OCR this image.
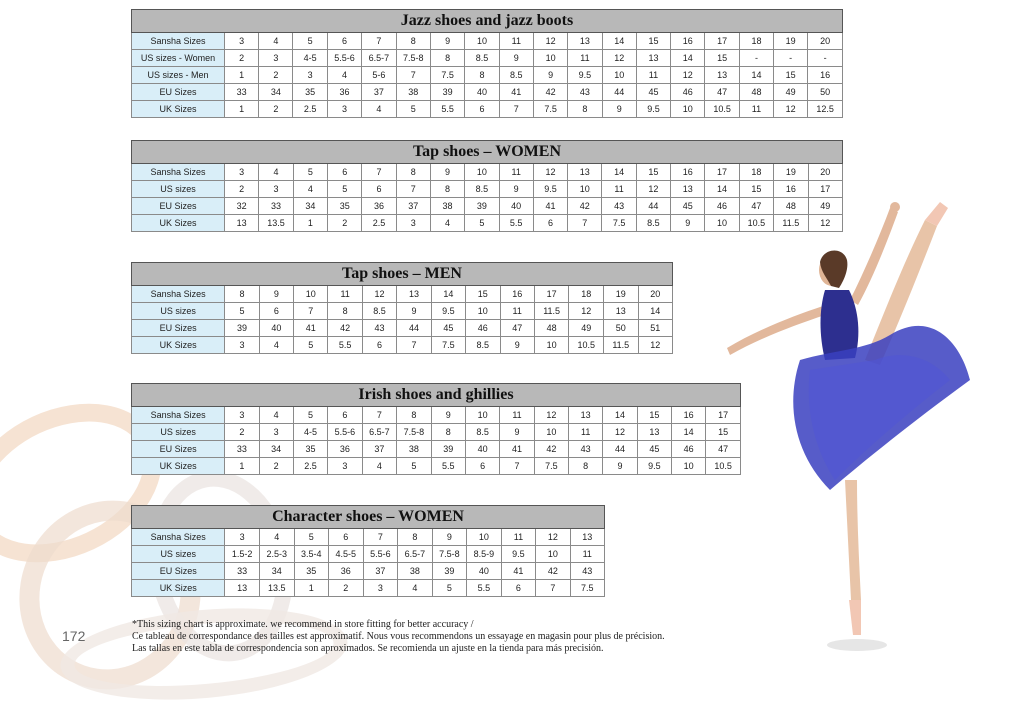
Jazz shoes and jazz boots																		
Sansha Sizes	3	4	5	6	7	8	9	10	11	12	13	14	15	16	17	18	19	20
US sizes - Women	2	3	4-5	5.5-6	6.5-7	7.5-8	8	8.5	9	10	11	12	13	14	15	-	-	-
US sizes - Men	1	2	3	4	5-6	7	7.5	8	8.5	9	9.5	10	11	12	13	14	15	16
EU Sizes	33	34	35	36	37	38	39	40	41	42	43	44	45	46	47	48	49	50
UK Sizes	1	2	2.5	3	4	5	5.5	6	7	7.5	8	9	9.5	10	10.5	11	12	12.5
Tap shoes – WOMEN																		
Sansha Sizes	3	4	5	6	7	8	9	10	11	12	13	14	15	16	17	18	19	20
US sizes	2	3	4	5	6	7	8	8.5	9	9.5	10	11	12	13	14	15	16	17
EU Sizes	32	33	34	35	36	37	38	39	40	41	42	43	44	45	46	47	48	49
UK Sizes	13	13.5	1	2	2.5	3	4	5	5.5	6	7	7.5	8.5	9	10	10.5	11.5	12
Tap shoes – MEN													
Sansha Sizes	8	9	10	11	12	13	14	15	16	17	18	19	20
US sizes	5	6	7	8	8.5	9	9.5	10	11	11.5	12	13	14
EU Sizes	39	40	41	42	43	44	45	46	47	48	49	50	51
UK Sizes	3	4	5	5.5	6	7	7.5	8.5	9	10	10.5	11.5	12
Irish shoes and ghillies															
Sansha Sizes	3	4	5	6	7	8	9	10	11	12	13	14	15	16	17
US sizes	2	3	4-5	5.5-6	6.5-7	7.5-8	8	8.5	9	10	11	12	13	14	15
EU Sizes	33	34	35	36	37	38	39	40	41	42	43	44	45	46	47
UK Sizes	1	2	2.5	3	4	5	5.5	6	7	7.5	8	9	9.5	10	10.5
Character shoes – WOMEN											
Sansha Sizes	3	4	5	6	7	8	9	10	11	12	13
US sizes	1.5-2	2.5-3	3.5-4	4.5-5	5.5-6	6.5-7	7.5-8	8.5-9	9.5	10	11
EU Sizes	33	34	35	36	37	38	39	40	41	42	43
UK Sizes	13	13.5	1	2	3	4	5	5.5	6	7	7.5
172
*This sizing chart is approximate. we recommend in store fitting for better accuracy /
Ce tableau de correspondance des tailles est approximatif. Nous vous recommendons un essayage en magasin pour plus de précision.
Las tallas en este tabla de correspondencia son aproximados. Se recomienda un ajuste en la tienda para más precisión.
